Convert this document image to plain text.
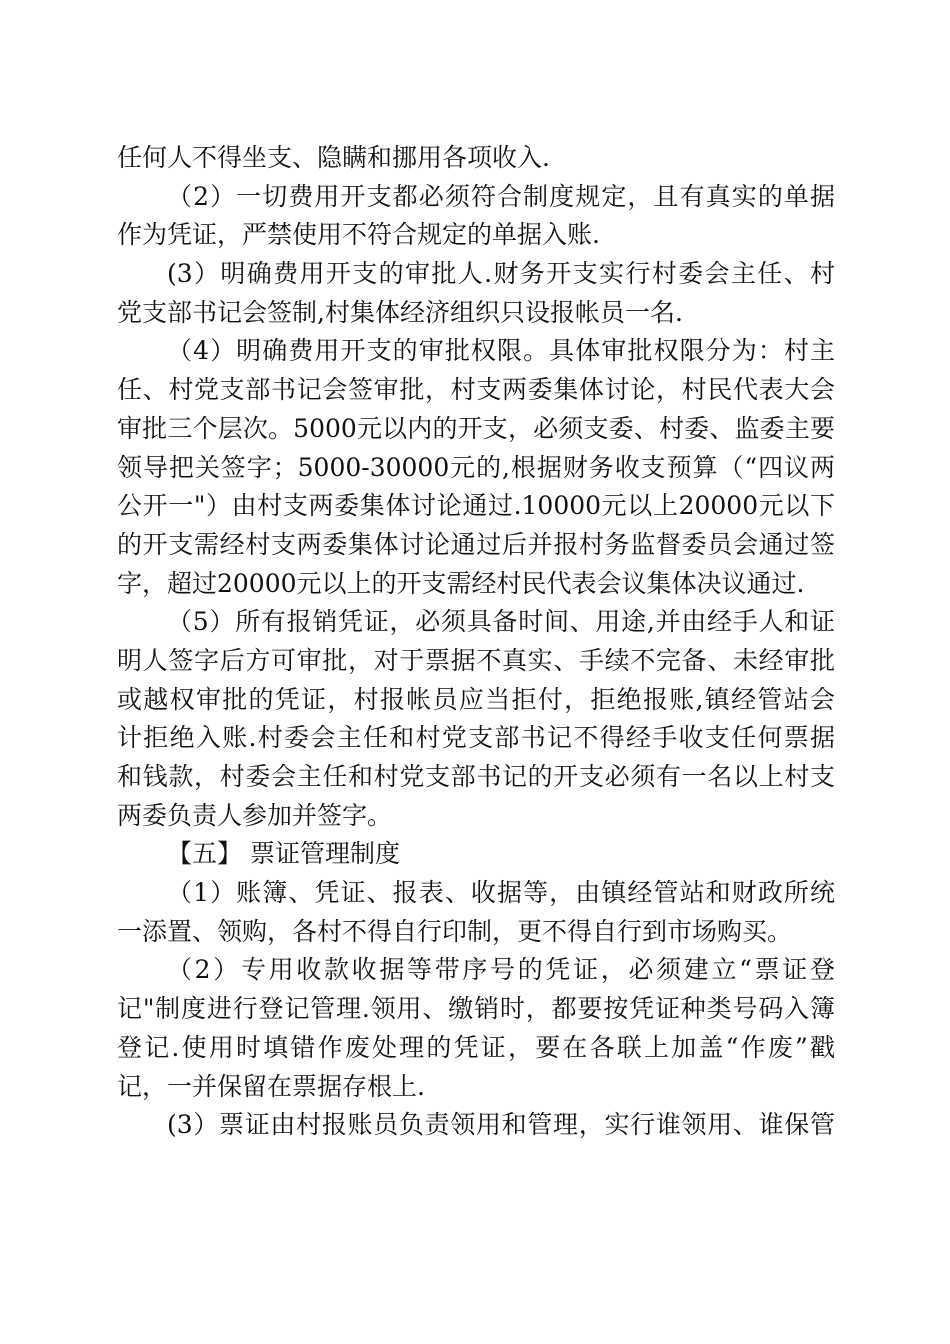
任何人不得坐支、隐瞒和挪用各项收入.
（2）一切费用开支都必须符合制度规定，且有真实的单据
作为凭证，严禁使用不符合规定的单据入账.
(3）明确费用开支的审批人.财务开支实行村委会主任、村
党支部书记会签制,村集体经济组织只设报帐员一名.
（4）明确费用开支的审批权限。具体审批权限分为：村主
任、村党支部书记会签审批，村支两委集体讨论，村民代表大会
审批三个层次。5000元以内的开支，必须支委、村委、监委主要
领导把关签字；5000-30000元的,根据财务收支预算（“四议两
公开一"）由村支两委集体讨论通过.10000元以上20000元以下
的开支需经村支两委集体讨论通过后并报村务监督委员会通过签
字，超过20000元以上的开支需经村民代表会议集体决议通过.
（5）所有报销凭证，必须具备时间、用途,并由经手人和证
明人签字后方可审批，对于票据不真实、手续不完备、未经审批
或越权审批的凭证，村报帐员应当拒付，拒绝报账,镇经管站会
计拒绝入账.村委会主任和村党支部书记不得经手收支任何票据
和钱款，村委会主任和村党支部书记的开支必须有一名以上村支
两委负责人参加并签字。
【五】 票证管理制度
（1）账簿、凭证、报表、收据等，由镇经管站和财政所统
一添置、领购，各村不得自行印制，更不得自行到市场购买。
（2）专用收款收据等带序号的凭证，必须建立“票证登
记"制度进行登记管理.领用、缴销时，都要按凭证种类号码入簿
登记.使用时填错作废处理的凭证，要在各联上加盖“作废”戳
记，一并保留在票据存根上.
(3）票证由村报账员负责领用和管理，实行谁领用、谁保管
